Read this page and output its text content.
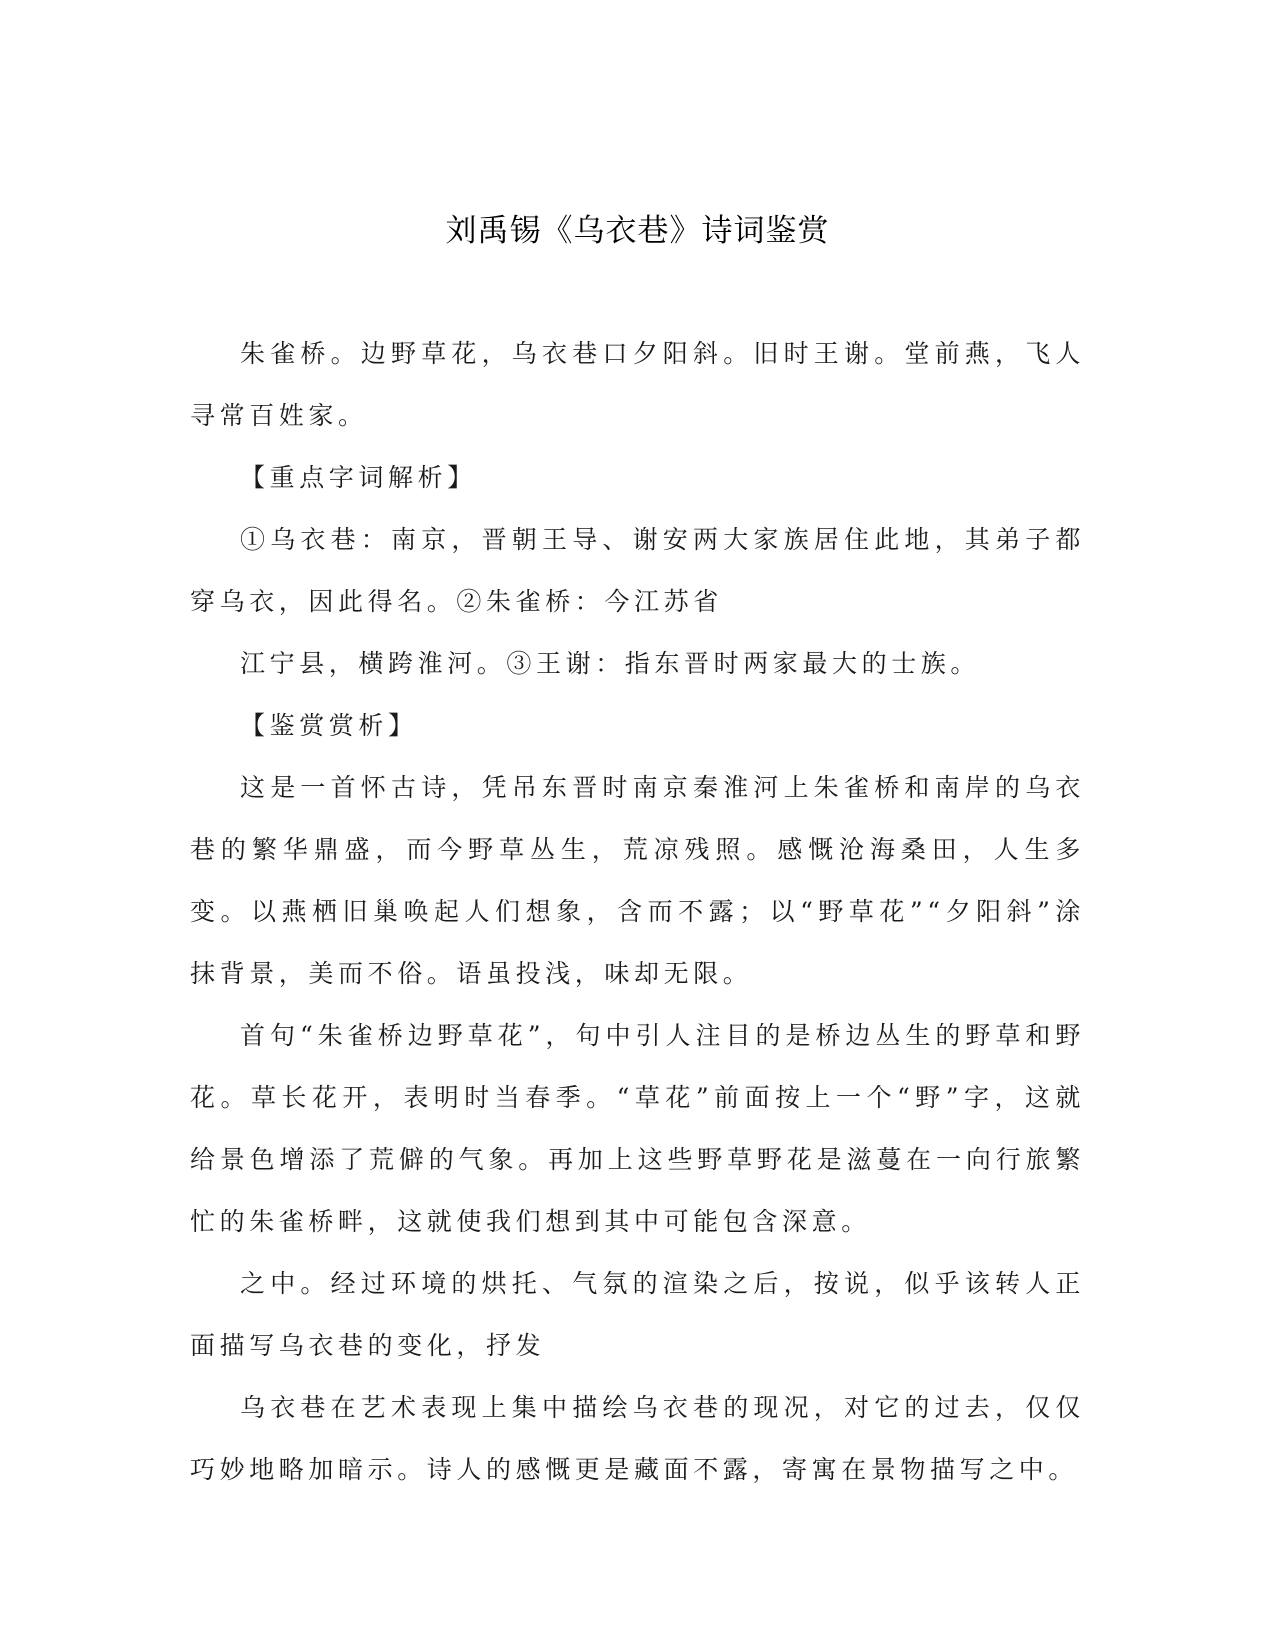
刘禹锡《乌衣巷》诗词鉴赏

朱雀桥。边野草花，乌衣巷口夕阳斜。旧时王谢。堂前燕，飞人寻常百姓家。

【重点字词解析】

①乌衣巷：南京，晋朝王导、谢安两大家族居住此地，其弟子都穿乌衣，因此得名。②朱雀桥：今江苏省

江宁县，横跨淮河。③王谢：指东晋时两家最大的士族。

【鉴赏赏析】

这是一首怀古诗，凭吊东晋时南京秦淮河上朱雀桥和南岸的乌衣巷的繁华鼎盛，而今野草丛生，荒凉残照。感慨沧海桑田，人生多变。以燕栖旧巢唤起人们想象，含而不露；以“野草花”“夕阳斜”涂抹背景，美而不俗。语虽投浅，味却无限。

首句“朱雀桥边野草花”，句中引人注目的是桥边丛生的野草和野花。草长花开，表明时当春季。“草花”前面按上一个“野”字，这就给景色增添了荒僻的气象。再加上这些野草野花是滋蔓在一向行旅繁忙的朱雀桥畔，这就使我们想到其中可能包含深意。

之中。经过环境的烘托、气氛的渲染之后，按说，似乎该转人正面描写乌衣巷的变化，抒发

乌衣巷在艺术表现上集中描绘乌衣巷的现况，对它的过去，仅仅巧妙地略加暗示。诗人的感慨更是藏面不露，寄寓在景物描写之中。
